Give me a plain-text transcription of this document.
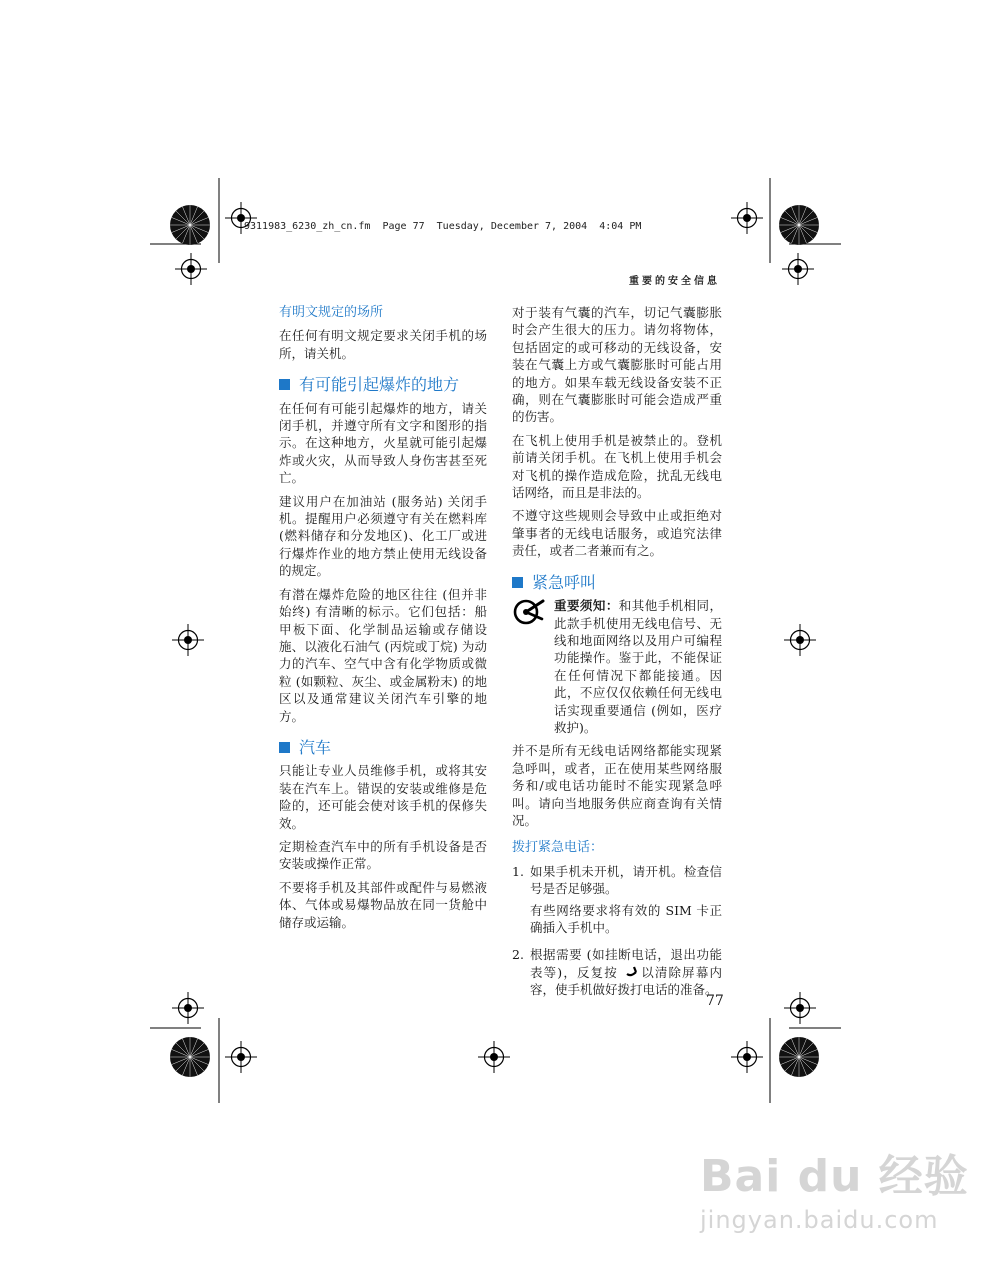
9311983_6230_zh_cn.fm  Page 77  Tuesday, December 7, 2004  4:04 PM
重要的安全信息
有明文规定的场所

在任何有明文规定要求关闭手机的场所，请关机。

有可能引起爆炸的地方

在任何有可能引起爆炸的地方，请关闭手机，并遵守所有文字和图形的指示。在这种地方，火星就可能引起爆炸或火灾，从而导致人身伤害甚至死亡。

建议用户在加油站 (服务站) 关闭手机。提醒用户必须遵守有关在燃料库 (燃料储存和分发地区)、化工厂或进行爆炸作业的地方禁止使用无线设备的规定。

有潜在爆炸危险的地区往往 (但并非始终) 有清晰的标示。它们包括：船甲板下面、化学制品运输或存储设施、以液化石油气 (丙烷或丁烷) 为动力的汽车、空气中含有化学物质或微粒 (如颗粒、灰尘、或金属粉末) 的地区以及通常建议关闭汽车引擎的地方。

汽车

只能让专业人员维修手机，或将其安装在汽车上。错误的安装或维修是危险的，还可能会使对该手机的保修失效。

定期检查汽车中的所有手机设备是否安装或操作正常。

不要将手机及其部件或配件与易燃液体、气体或易爆物品放在同一货舱中储存或运输。

对于装有气囊的汽车，切记气囊膨胀时会产生很大的压力。请勿将物体，包括固定的或可移动的无线设备，安装在气囊上方或气囊膨胀时可能占用的地方。如果车载无线设备安装不正确，则在气囊膨胀时可能会造成严重的伤害。

在飞机上使用手机是被禁止的。登机前请关闭手机。在飞机上使用手机会对飞机的操作造成危险，扰乱无线电话网络，而且是非法的。

不遵守这些规则会导致中止或拒绝对肇事者的无线电话服务，或追究法律责任，或者二者兼而有之。

紧急呼叫
重要须知：和其他手机相同，此款手机使用无线电信号、无线和地面网络以及用户可编程功能操作。鉴于此，不能保证在任何情况下都能接通。因此，不应仅仅依赖任何无线电话实现重要通信 (例如，医疗救护)。

并不是所有无线电话网络都能实现紧急呼叫，或者，正在使用某些网络服务和/或电话功能时不能实现紧急呼叫。请向当地服务供应商查询有关情况。

拨打紧急电话：
1. 如果手机未开机，请开机。检查信号是否足够强。

有些网络要求将有效的 SIM 卡正确插入手机中。

2. 根据需要 (如挂断电话，退出功能表等)，反复按 以清除屏幕内容，使手机做好拨打电话的准备。

77
Bai du 经验
jingyan.baidu.com
